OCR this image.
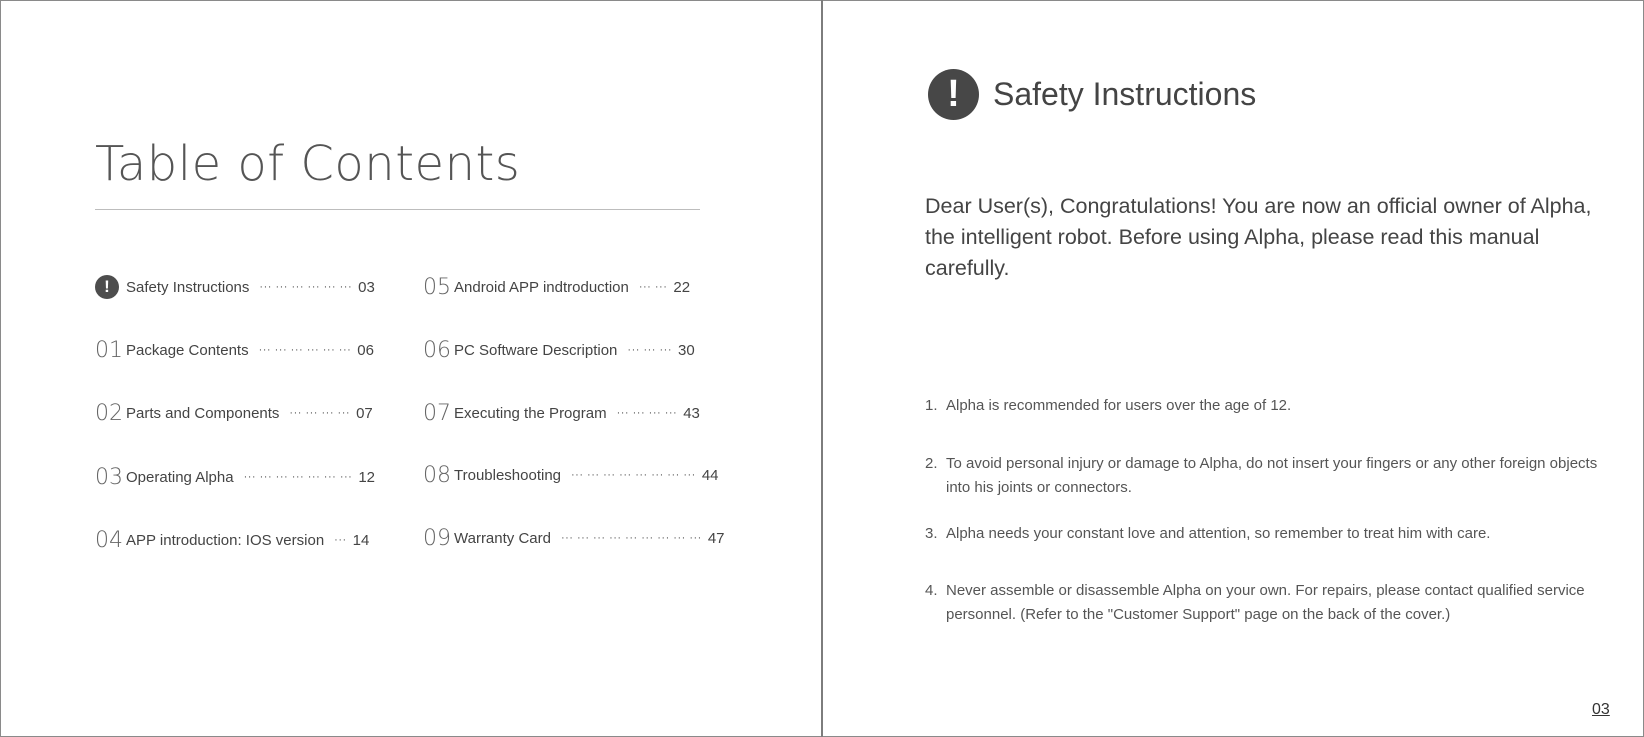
Table of Contents
!	Safety Instructions ··· ··· ··· ··· ··· ··· 03
01 Package Contents ··· ··· ··· ··· ··· ··· 06
02 Parts and Components ··· ··· ··· ··· 07
03 Operating Alpha ··· ··· ··· ··· ··· ··· ··· 12
04 APP introduction: IOS version ··· 14
05 Android APP indtroduction ··· ··· 22
06 PC Software Description ··· ··· ··· 30
07 Executing the Program ··· ··· ··· ··· 43
08 Troubleshooting ··· ··· ··· ··· ··· ··· ··· ··· 44
09 Warranty Card ··· ··· ··· ··· ··· ··· ··· ··· ··· 47
!	Safety Instructions

Dear User(s), Congratulations! You are now an official owner of Alpha, the intelligent robot. Before using Alpha, please read this manual carefully.

1. Alpha is recommended for users over the age of 12.
2. To avoid personal injury or damage to Alpha, do not insert your fingers or any other foreign objects into his joints or connectors.
3. Alpha needs your constant love and attention, so remember to treat him with care.
4. Never assemble or disassemble Alpha on your own. For repairs, please contact qualified service personnel. (Refer to the "Customer Support" page on the back of the cover.)
03
